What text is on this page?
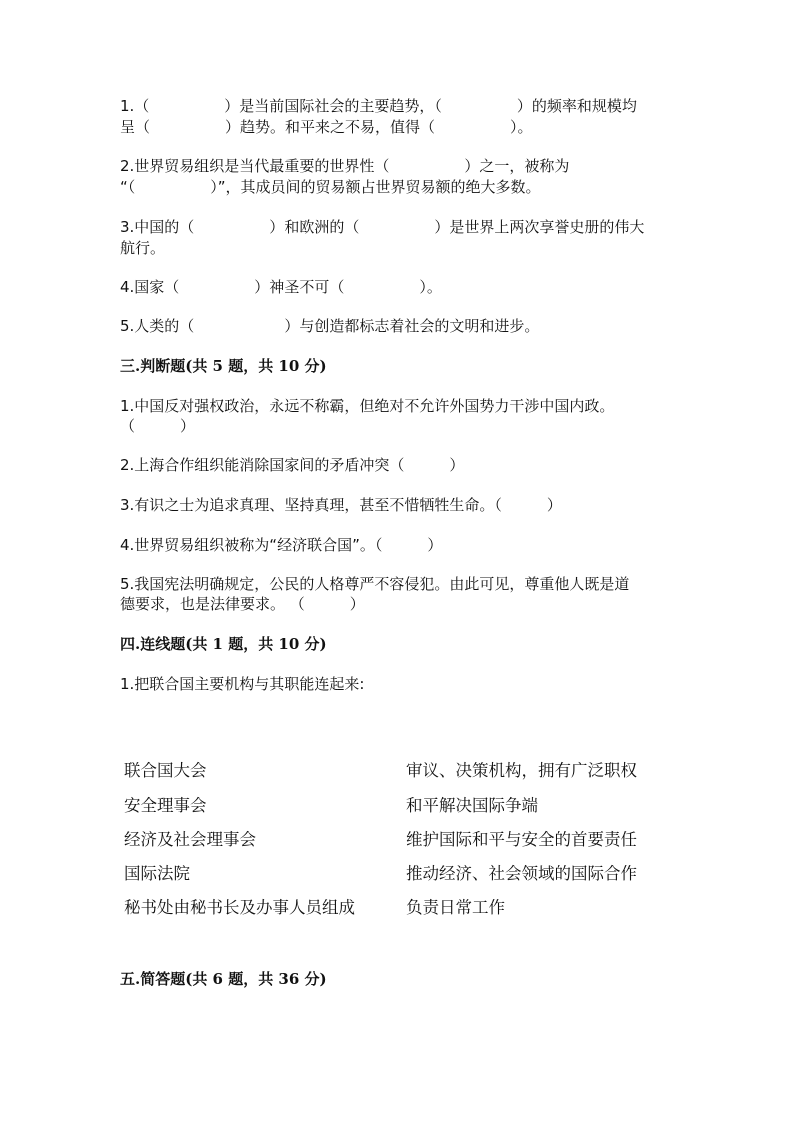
1.（　　　　　）是当前国际社会的主要趋势，（　　　　　）的频率和规模均

呈（　　　　　）趋势。和平来之不易，值得（　　　　　）。

2.世界贸易组织是当代最重要的世界性（　　　　　）之一，被称为

“（　　　　　）”，其成员间的贸易额占世界贸易额的绝大多数。

3.中国的（　　　　　）和欧洲的（　　　　　）是世界上两次享誉史册的伟大

航行。

4.国家（　　　　　）神圣不可（　　　　　）。

5.人类的（　　　　　　）与创造都标志着社会的文明和进步。

三.判断题(共 5 题，共 10 分)

1.中国反对强权政治，永远不称霸，但绝对不允许外国势力干涉中国内政。

（　　　）

2.上海合作组织能消除国家间的矛盾冲突（　　　）

3.有识之士为追求真理、坚持真理，甚至不惜牺牲生命。（　　　）

4.世界贸易组织被称为“经济联合国”。（　　　）

5.我国宪法明确规定，公民的人格尊严不容侵犯。由此可见，尊重他人既是道

德要求，也是法律要求。 （　　　）

四.连线题(共 1 题，共 10 分)

1.把联合国主要机构与其职能连起来:

联合国大会

安全理事会

经济及社会理事会

国际法院

秘书处由秘书长及办事人员组成

审议、决策机构，拥有广泛职权

和平解决国际争端

维护国际和平与安全的首要责任

推动经济、社会领域的国际合作

负责日常工作

五.简答题(共 6 题，共 36 分)
